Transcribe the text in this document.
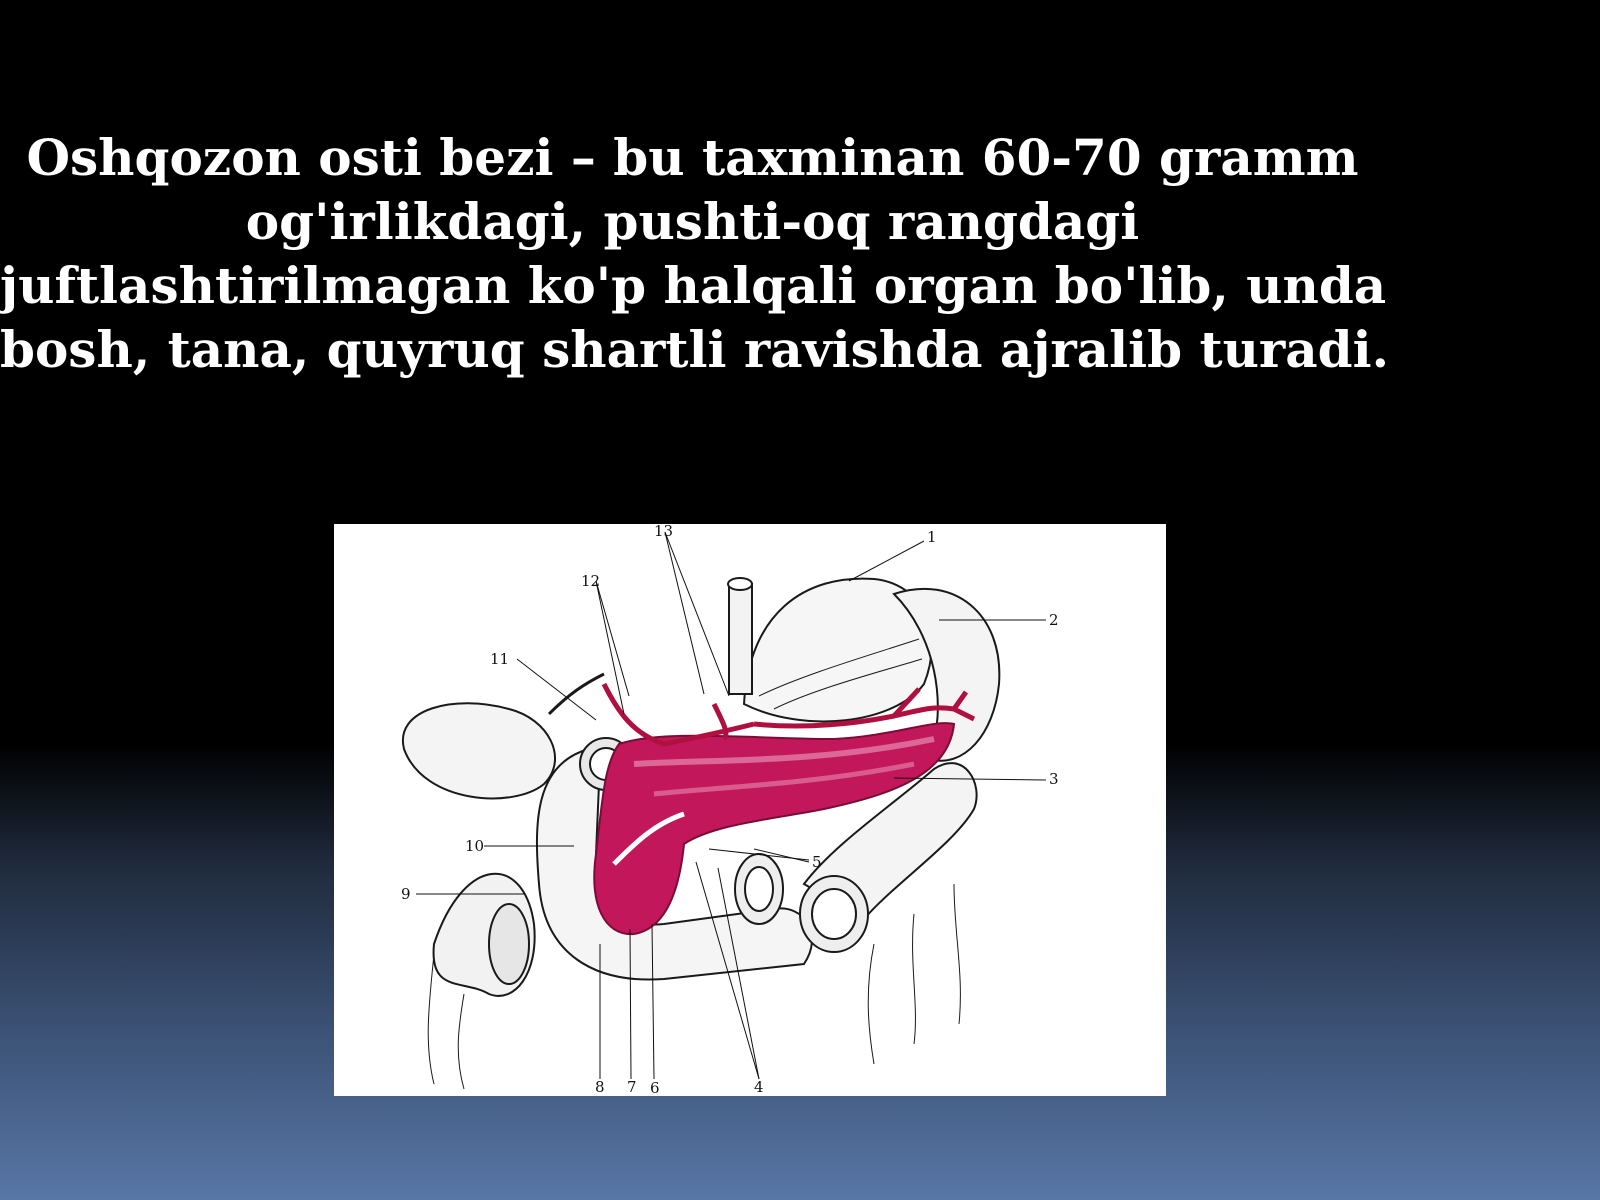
Oshqozon osti bezi – bu taxminan 60-70 gramm
og'irlikdagi, pushti-oq rangdagi
juftlashtirilmagan ko'p halqali organ bo'lib, unda
bosh, tana, quyruq shartli ravishda ajralib turadi.
1
2
3
4
5
6
7
8
9
10
11
12
13
